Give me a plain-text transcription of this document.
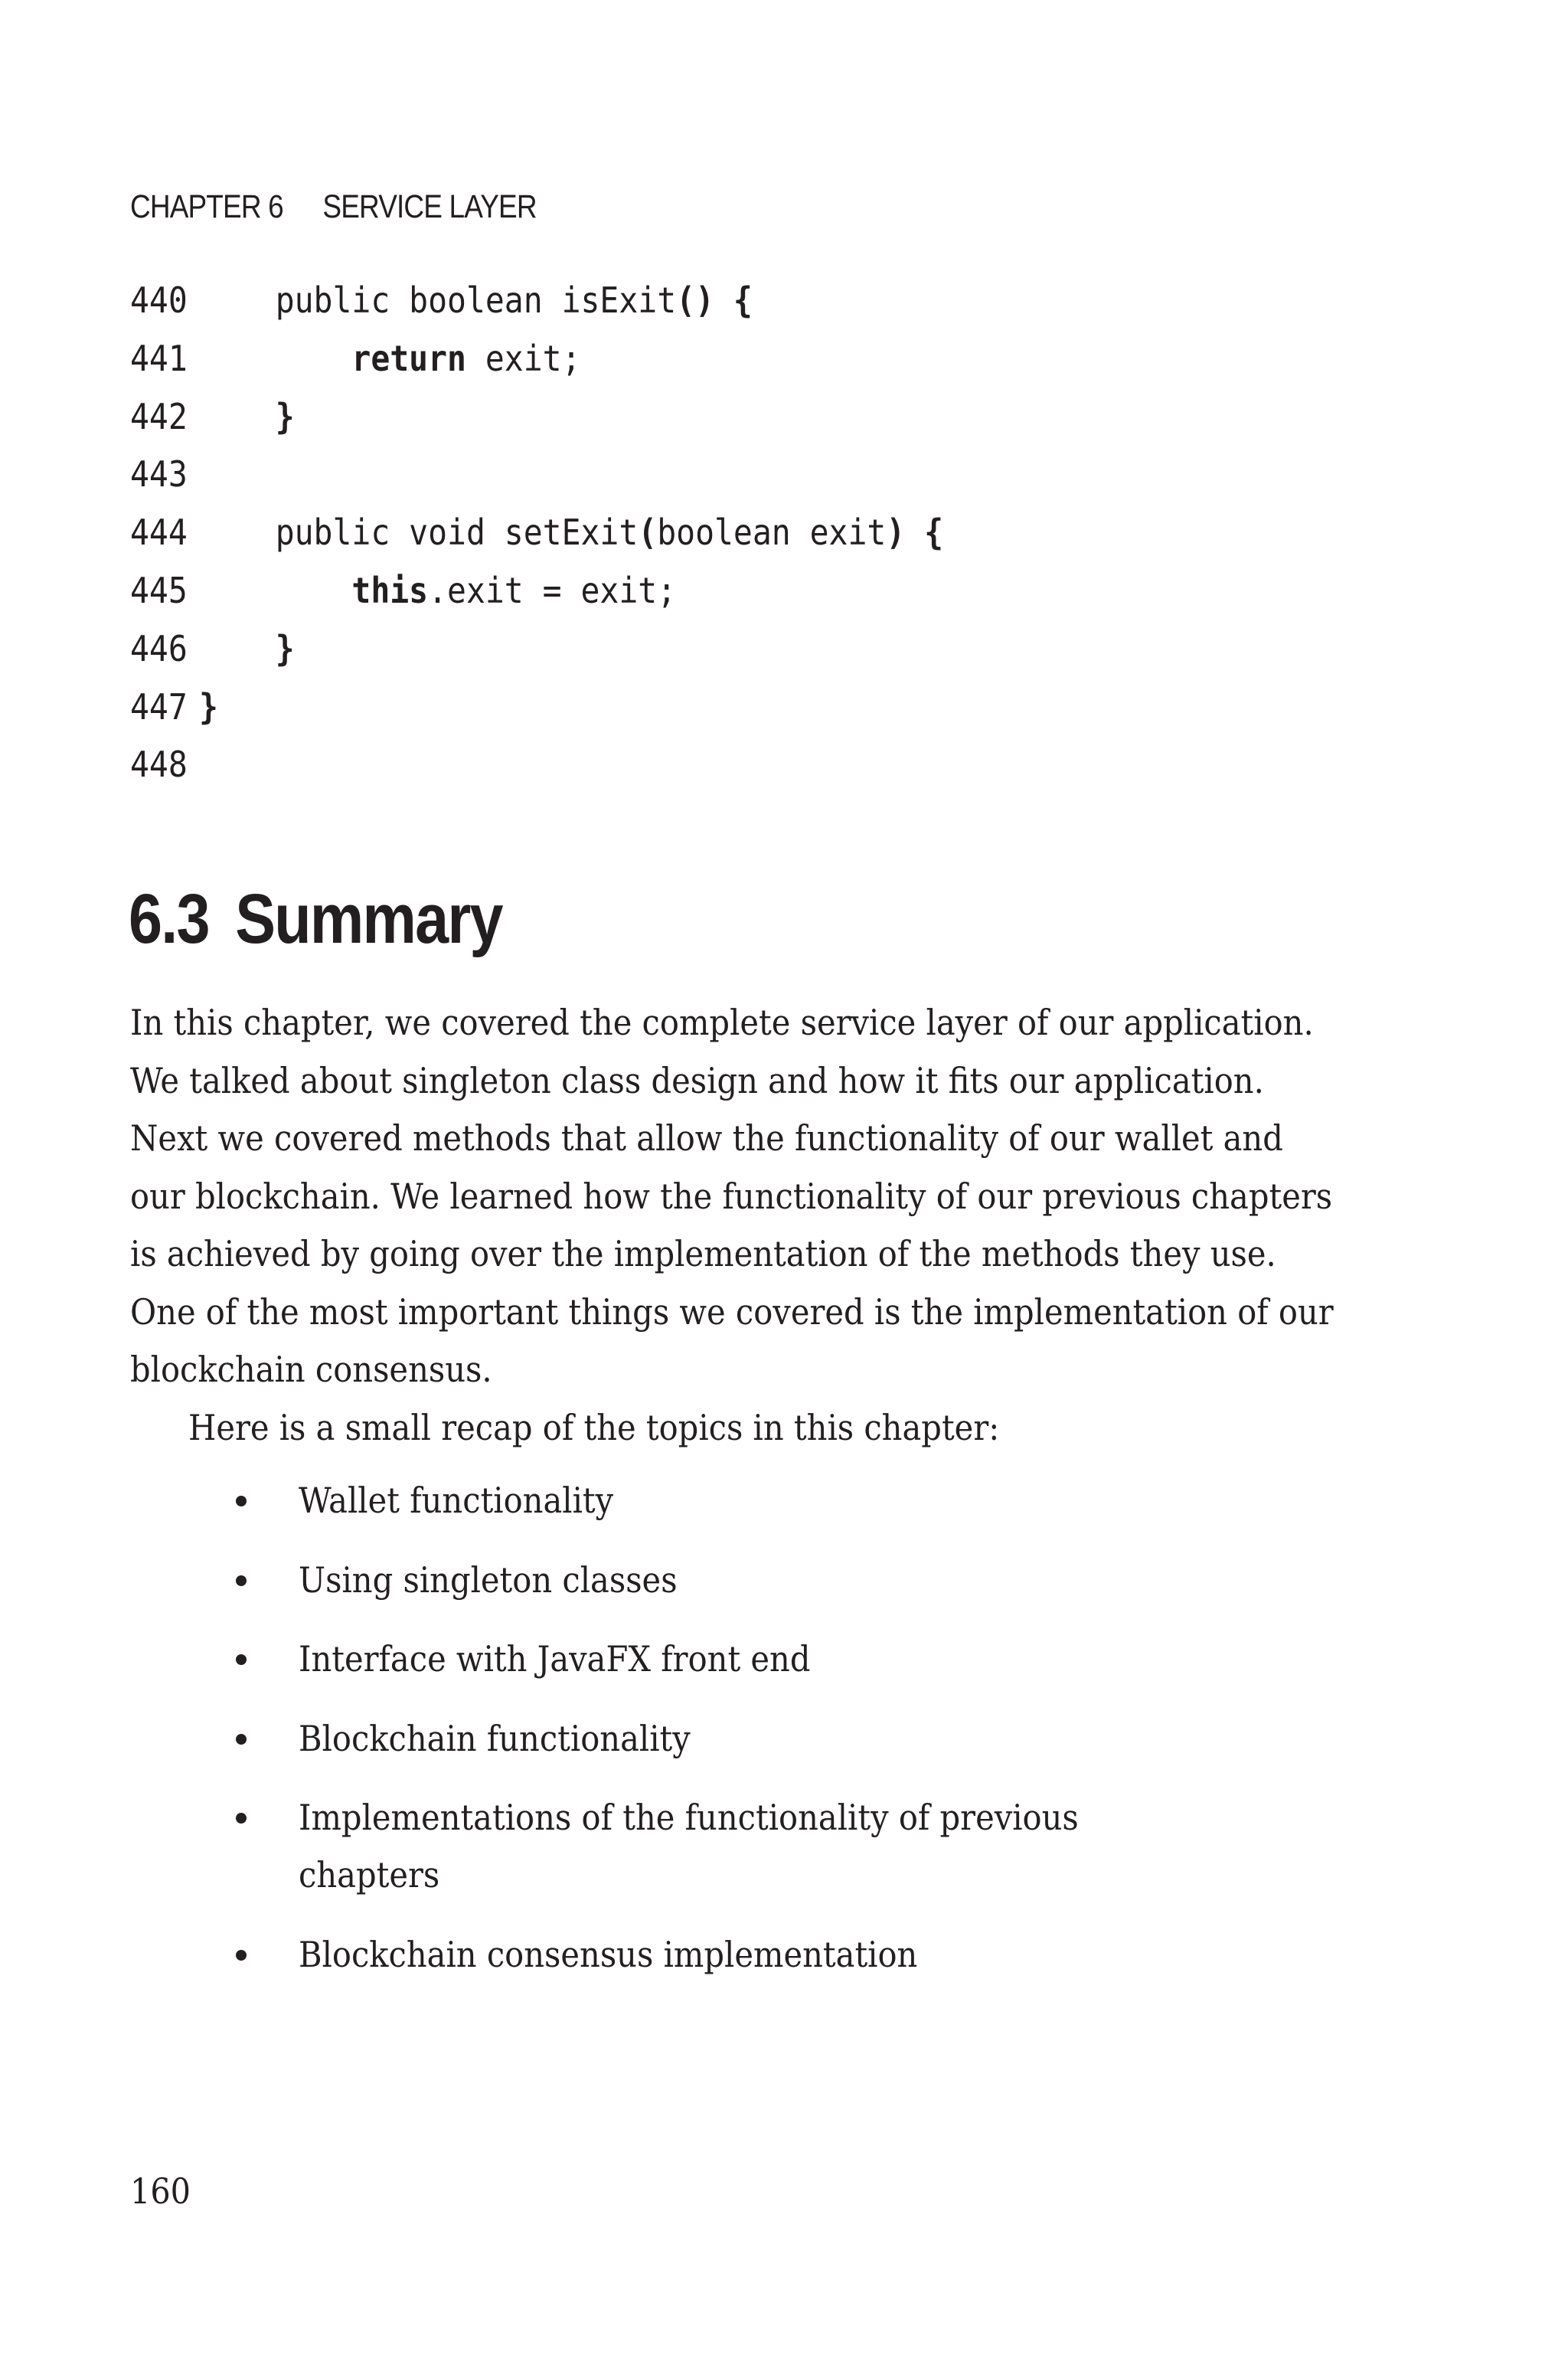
CHAPTER 6 SERVICE LAYER
440 public boolean isExit() {
441	return exit;
442	}
443
444 public void setExit(boolean exit) {
445	this.exit = exit;
446	}
447 }
448
6.3 Summary
In this chapter, we covered the complete service layer of our application.
We talked about singleton class design and how it fits our application.
Next we covered methods that allow the functionality of our wallet and
our blockchain. We learned how the functionality of our previous chapters
is achieved by going over the implementation of the methods they use.
One of the most important things we covered is the implementation of our
blockchain consensus.
Here is a small recap of the topics in this chapter:
Wallet functionality
Using singleton classes
Interface with JavaFX front end
Blockchain functionality
Implementations of the functionality of previous
chapters
Blockchain consensus implementation
160
